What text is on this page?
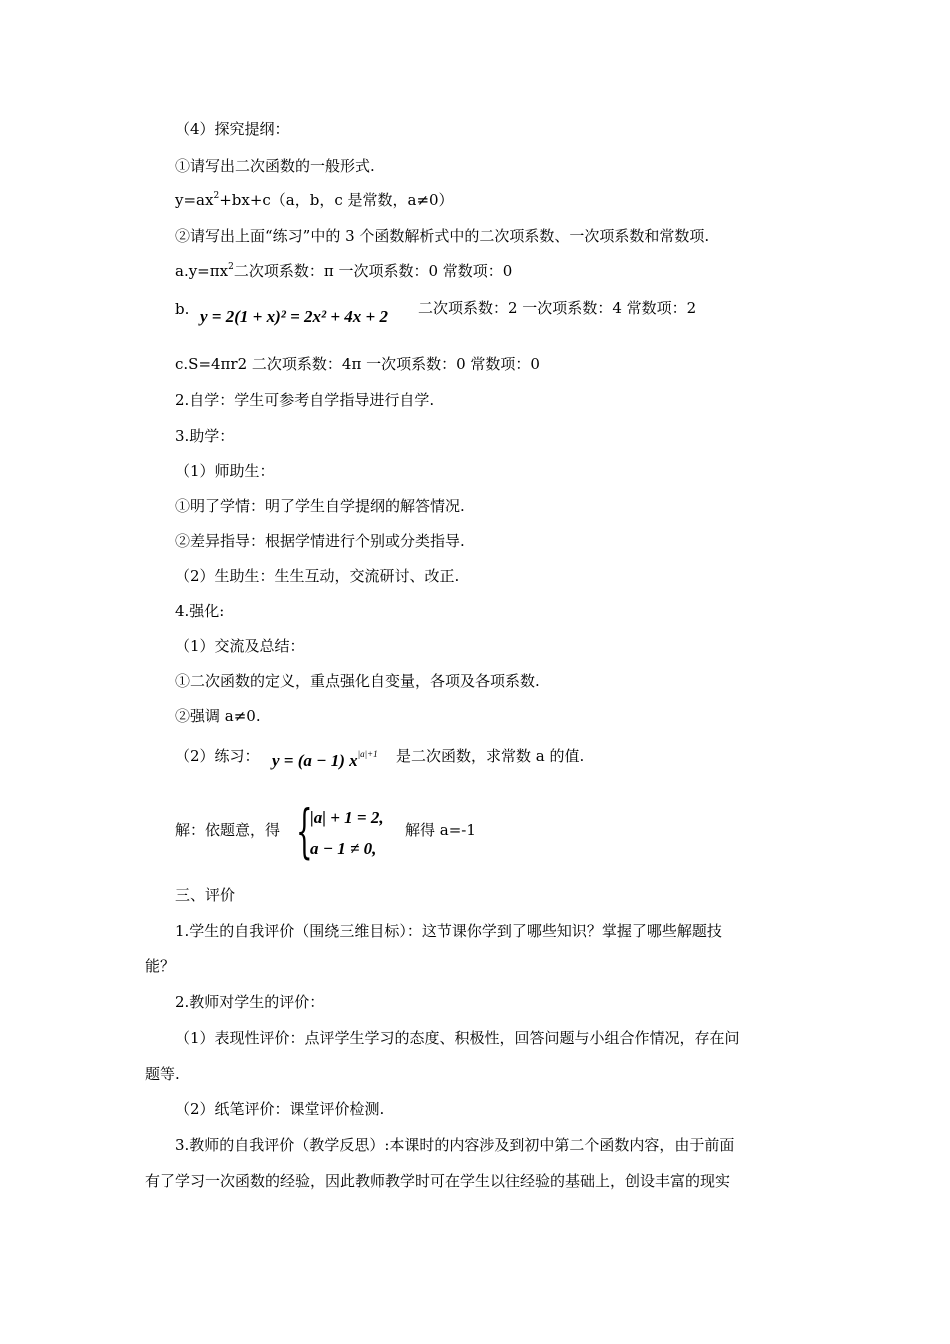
（4）探究提纲：
①请写出二次函数的一般形式.
$y=ax^2+bx+c(a$，b，c 是常数，a≠0）
②请写出上面“练习”中的 3 个函数解析式中的二次项系数、一次项系数和常数项.
$a.y=\pi x^2$二次项系数：π 一次项系数：0 常数项：0
b. y = 2(1 + x)² = 2x² + 4x + 2 二次项系数：2 一次项系数：4 常数项：2
c.S=4πr2 二次项系数：4π 一次项系数：0 常数项：0
2.自学：学生可参考自学指导进行自学.
3.助学：
（1）师助生：
①明了学情：明了学生自学提纲的解答情况.
②差异指导：根据学情进行个别或分类指导.
（2）生助生：生生互动，交流研讨、改正.
4.强化:
（1）交流及总结：
①二次函数的定义，重点强化自变量，各项及各项系数.
②强调 a≠0.
（2）练习： y = (a − 1) $x^{|a|+1}$ 是二次函数，求常数 a 的值.
解：依题意，得 {
|a| + 1 = 2,
a − 1 ≠ 0,
解得 a=-1
三、评价
1.学生的自我评价（围绕三维目标）：这节课你学到了哪些知识？掌握了哪些解题技
能？
2.教师对学生的评价：
（1）表现性评价：点评学生学习的态度、积极性，回答问题与小组合作情况，存在问
题等.
（2）纸笔评价：课堂评价检测.
3.教师的自我评价（教学反思）:本课时的内容涉及到初中第二个函数内容，由于前面
有了学习一次函数的经验，因此教师教学时可在学生以往经验的基础上，创设丰富的现实
